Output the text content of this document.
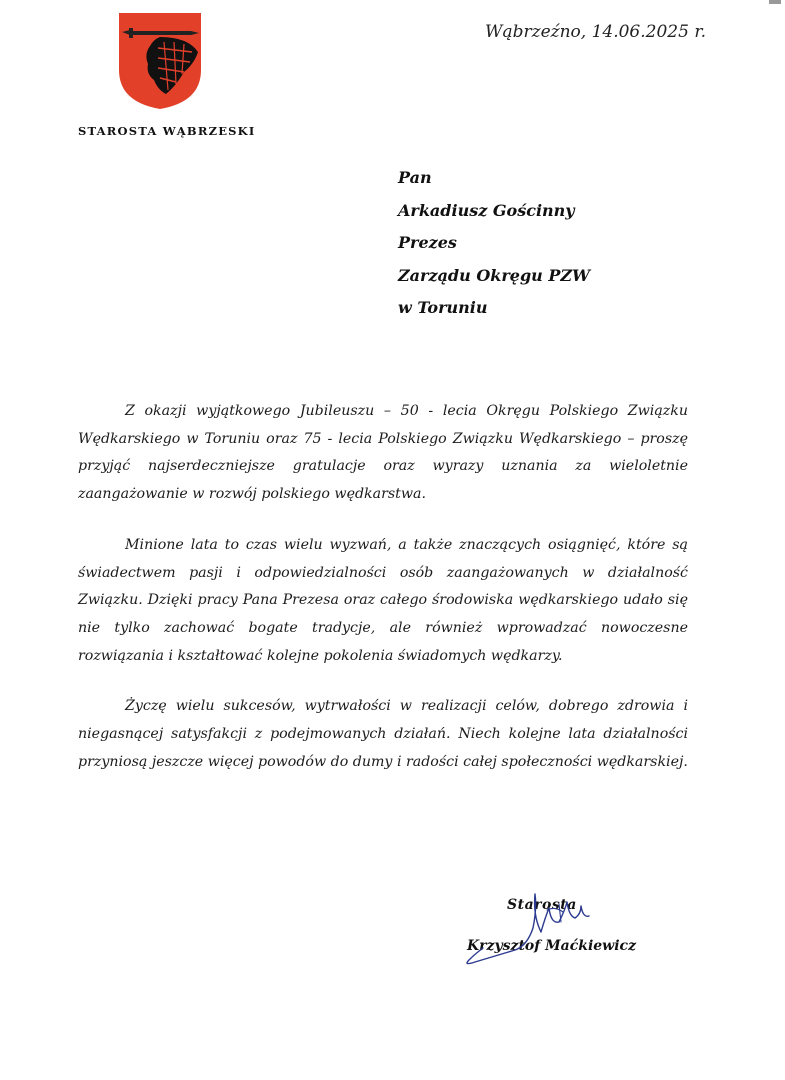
STAROSTA WĄBRZESKI
Wąbrzeźno, 14.06.2025 r.
Pan
Arkadiusz Gościnny
Prezes
Zarządu Okręgu PZW
w Toruniu

Z okazji wyjątkowego Jubileuszu – 50 - lecia Okręgu Polskiego Związku Wędkarskiego w Toruniu oraz 75 - lecia Polskiego Związku Wędkarskiego – proszę przyjąć najserdeczniejsze gratulacje oraz wyrazy uznania za wieloletnie zaangażowanie w rozwój polskiego wędkarstwa.

Minione lata to czas wielu wyzwań, a także znaczących osiągnięć, które są świadectwem pasji i odpowiedzialności osób zaangażowanych w działalność Związku. Dzięki pracy Pana Prezesa oraz całego środowiska wędkarskiego udało się nie tylko zachować bogate tradycje, ale również wprowadzać nowoczesne rozwiązania i kształtować kolejne pokolenia świadomych wędkarzy.

Życzę wielu sukcesów, wytrwałości w realizacji celów, dobrego zdrowia i niegasnącej satysfakcji z podejmowanych działań. Niech kolejne lata działalności przyniosą jeszcze więcej powodów do dumy i radości całej społeczności wędkarskiej.

Starosta
Krzysztof Maćkiewicz
